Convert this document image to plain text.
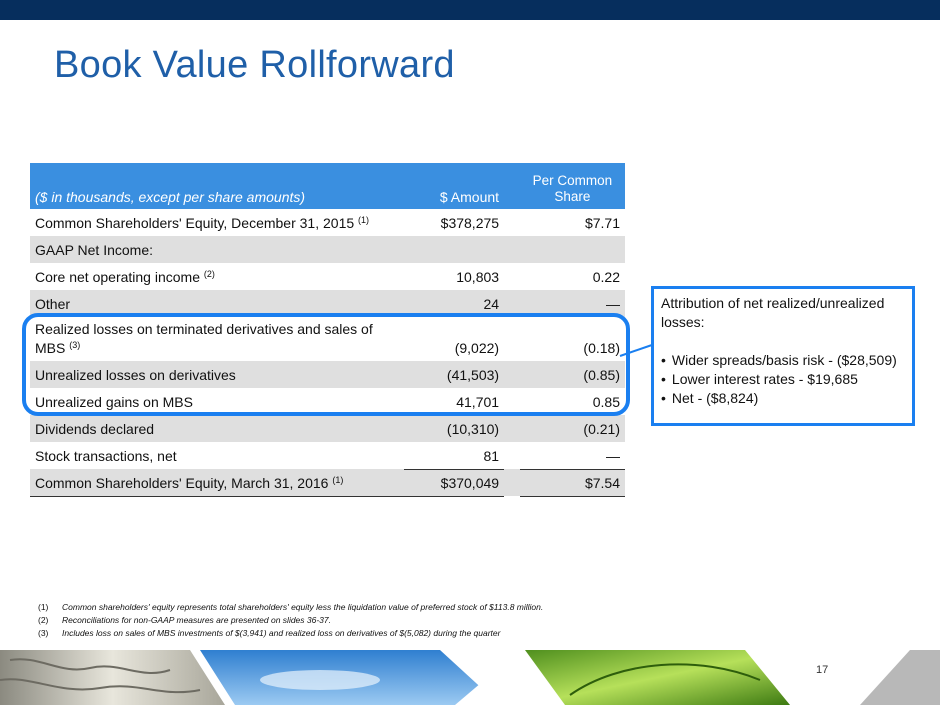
Book Value Rollforward
($ in thousands, except per share amounts)	$ Amount		Per Common
Share
Common Shareholders' Equity, December 31, 2015 $^{(1)}$	$378,275		$7.71
GAAP Net Income:			
Core net operating income $^{(2)}$	10,803		0.22
Other	24		—
Realized losses on terminated derivatives and sales of
MBS $^{(3)}$	(9,022)		(0.18)
Unrealized losses on derivatives	(41,503)		(0.85)
Unrealized gains on MBS	41,701		0.85
Dividends declared	(10,310)		(0.21)
Stock transactions, net	81		—
Common Shareholders' Equity, March 31, 2016 $^{(1)}$	$370,049		$7.54

Attribution of net realized/unrealized losses:

• Wider spreads/basis risk - ($28,509)
• Lower interest rates - $19,685
• Net - ($8,824)
(1) Common shareholders' equity represents total shareholders' equity less the liquidation value of preferred stock of $113.8 million.
(2) Reconciliations for non-GAAP measures are presented on slides 36-37.
(3) Includes loss on sales of MBS investments of $(3,941) and realized loss on derivatives of $(5,082) during the quarter
17
